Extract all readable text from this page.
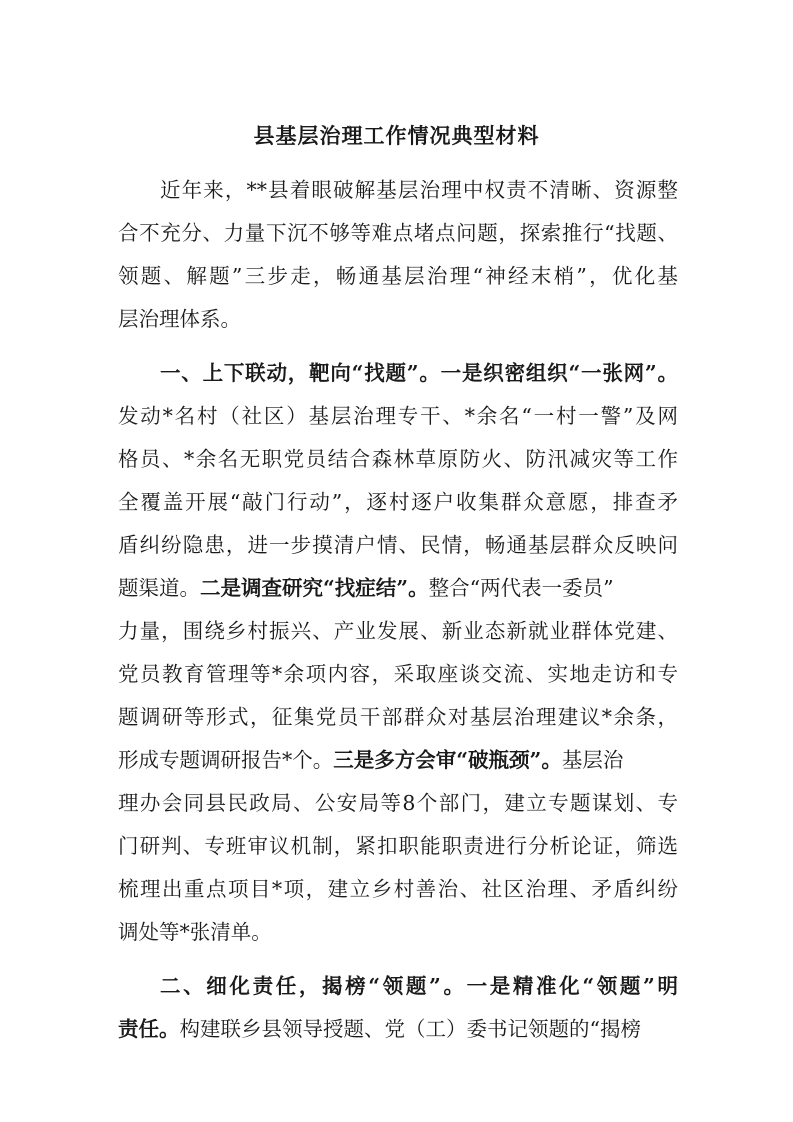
县基层治理工作情况典型材料
近年来，**县着眼破解基层治理中权责不清晰、资源整
合不充分、力量下沉不够等难点堵点问题，探索推行“找题、
领题、解题”三步走，畅通基层治理“神经末梢”，优化基
层治理体系。
一、上下联动，靶向“找题”。一是织密组织“一张网”。
发动*名村（社区）基层治理专干、*余名“一村一警”及网
格员、*余名无职党员结合森林草原防火、防汛减灾等工作
全覆盖开展“敲门行动”，逐村逐户收集群众意愿，排查矛
盾纠纷隐患，进一步摸清户情、民情，畅通基层群众反映问
题渠道。二是调查研究“找症结”。整合“两代表一委员”
力量，围绕乡村振兴、产业发展、新业态新就业群体党建、
党员教育管理等*余项内容，采取座谈交流、实地走访和专
题调研等形式，征集党员干部群众对基层治理建议*余条，
形成专题调研报告*个。三是多方会审“破瓶颈”。基层治
理办会同县民政局、公安局等8个部门，建立专题谋划、专
门研判、专班审议机制，紧扣职能职责进行分析论证，筛选
梳理出重点项目*项，建立乡村善治、社区治理、矛盾纠纷
调处等*张清单。
二、细化责任，揭榜“领题”。一是精准化“领题”明
责任。构建联乡县领导授题、党（工）委书记领题的“揭榜
